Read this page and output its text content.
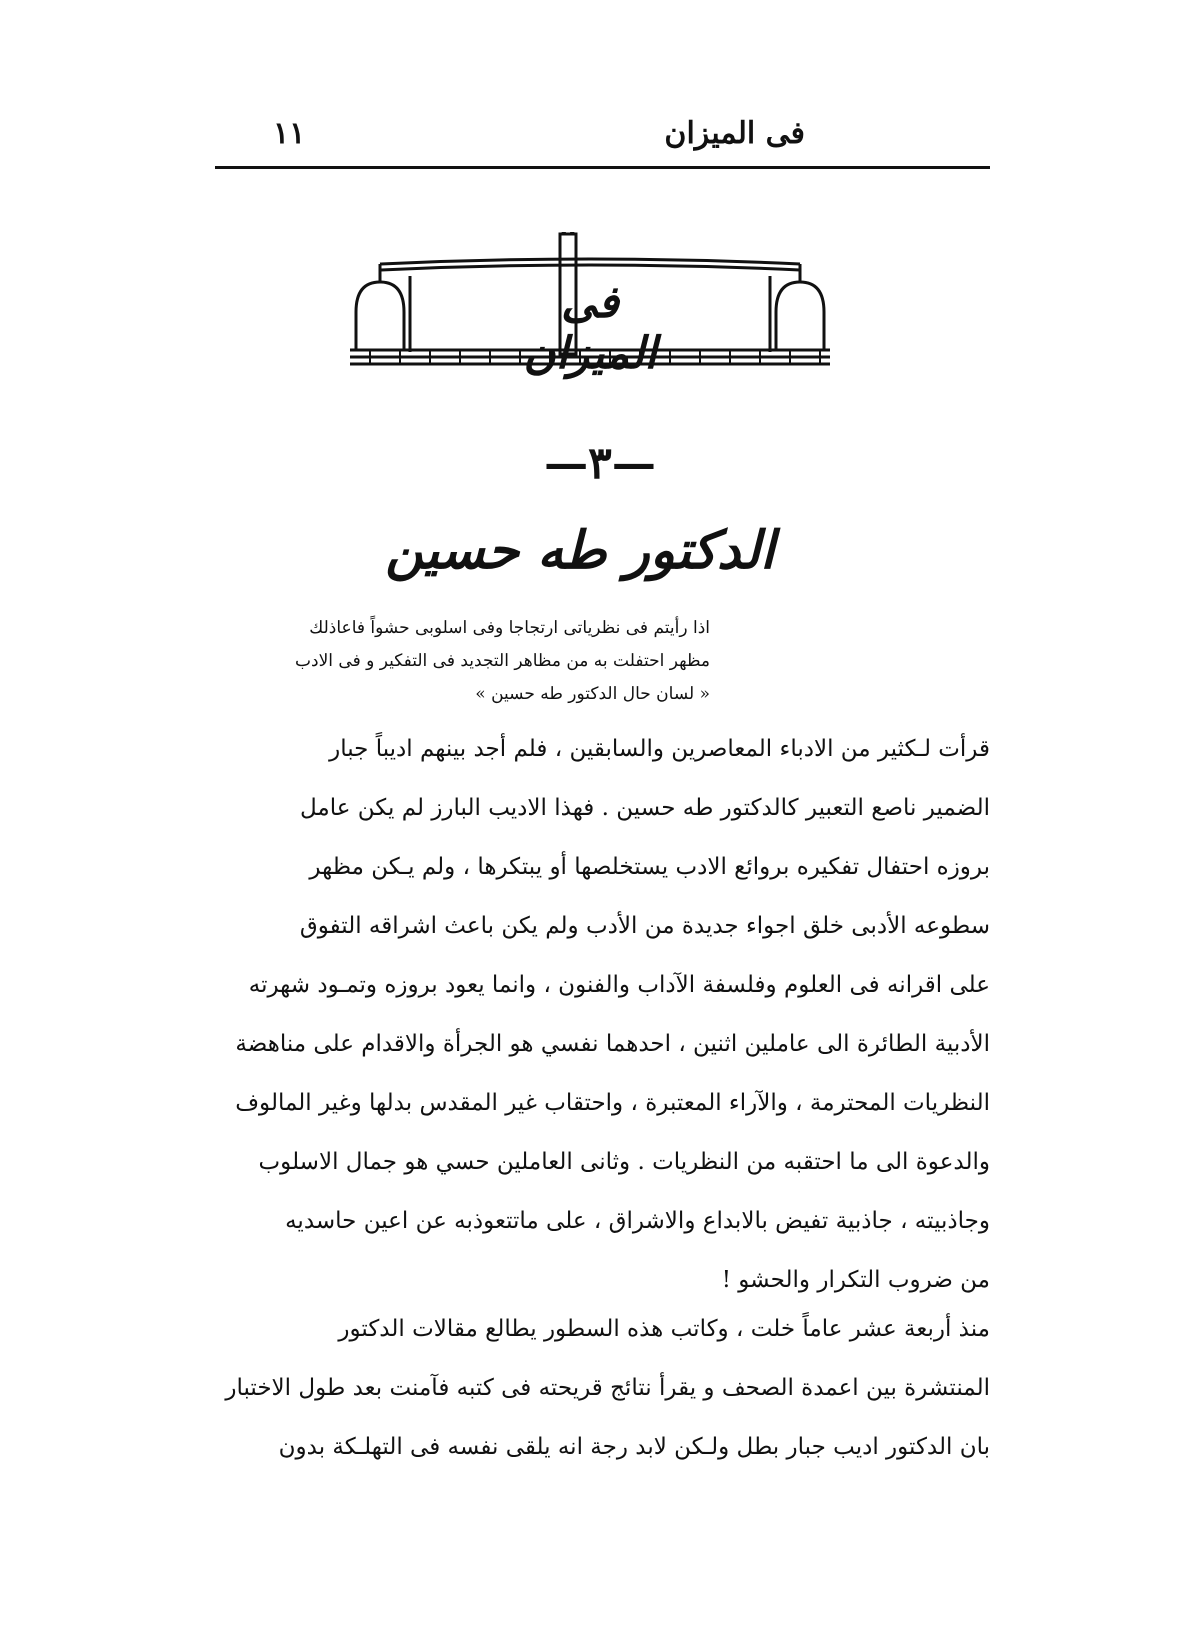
فى الميزان
١١
فى الميزان
—٣—
الدكتور طه حسين
اذا رأيتم فى نظرياتى ارتجاجا وفى اسلوبى حشواً فاعاذلك
مظهر احتفلت به من مظاهر التجديد فى التفكير و فى الادب
« لسان حال الدكتور طه حسين »
قرأت لـكثير من الادباء المعاصرين والسابقين ، فلم أجد بينهم اديباً جبار
الضمير ناصع التعبير كالدكتور طه حسين . فهذا الاديب البارز لم يكن عامل
بروزه احتفال تفكيره بروائع الادب يستخلصها أو يبتكرها ، ولم يـكن مظهر
سطوعه الأدبى خلق اجواء جديدة من الأدب ولم يكن باعث اشراقه التفوق
على اقرانه فى العلوم وفلسفة الآداب والفنون ، وانما يعود بروزه وتمـود شهرته
الأدبية الطائرة الى عاملين اثنين ، احدهما نفسي هو الجرأة والاقدام على مناهضة
النظريات المحترمة ، والآراء المعتبرة ، واحتقاب غير المقدس بدلها وغير المالوف
والدعوة الى ما احتقبه من النظريات . وثانى العاملين حسي هو جمال الاسلوب
وجاذبيته ، جاذبية تفيض بالابداع والاشراق ، على ماتتعوذبه عن اعين حاسديه
من ضروب التكرار والحشو !
منذ أربعة عشر عاماً خلت ، وكاتب هذه السطور يطالع مقالات الدكتور
المنتشرة بين اعمدة الصحف و يقرأ نتائج قريحته فى كتبه فآمنت بعد طول الاختبار
بان الدكتور اديب جبار بطل ولـكن لابد رجة انه يلقى نفسه فى التهلـكة بدون
